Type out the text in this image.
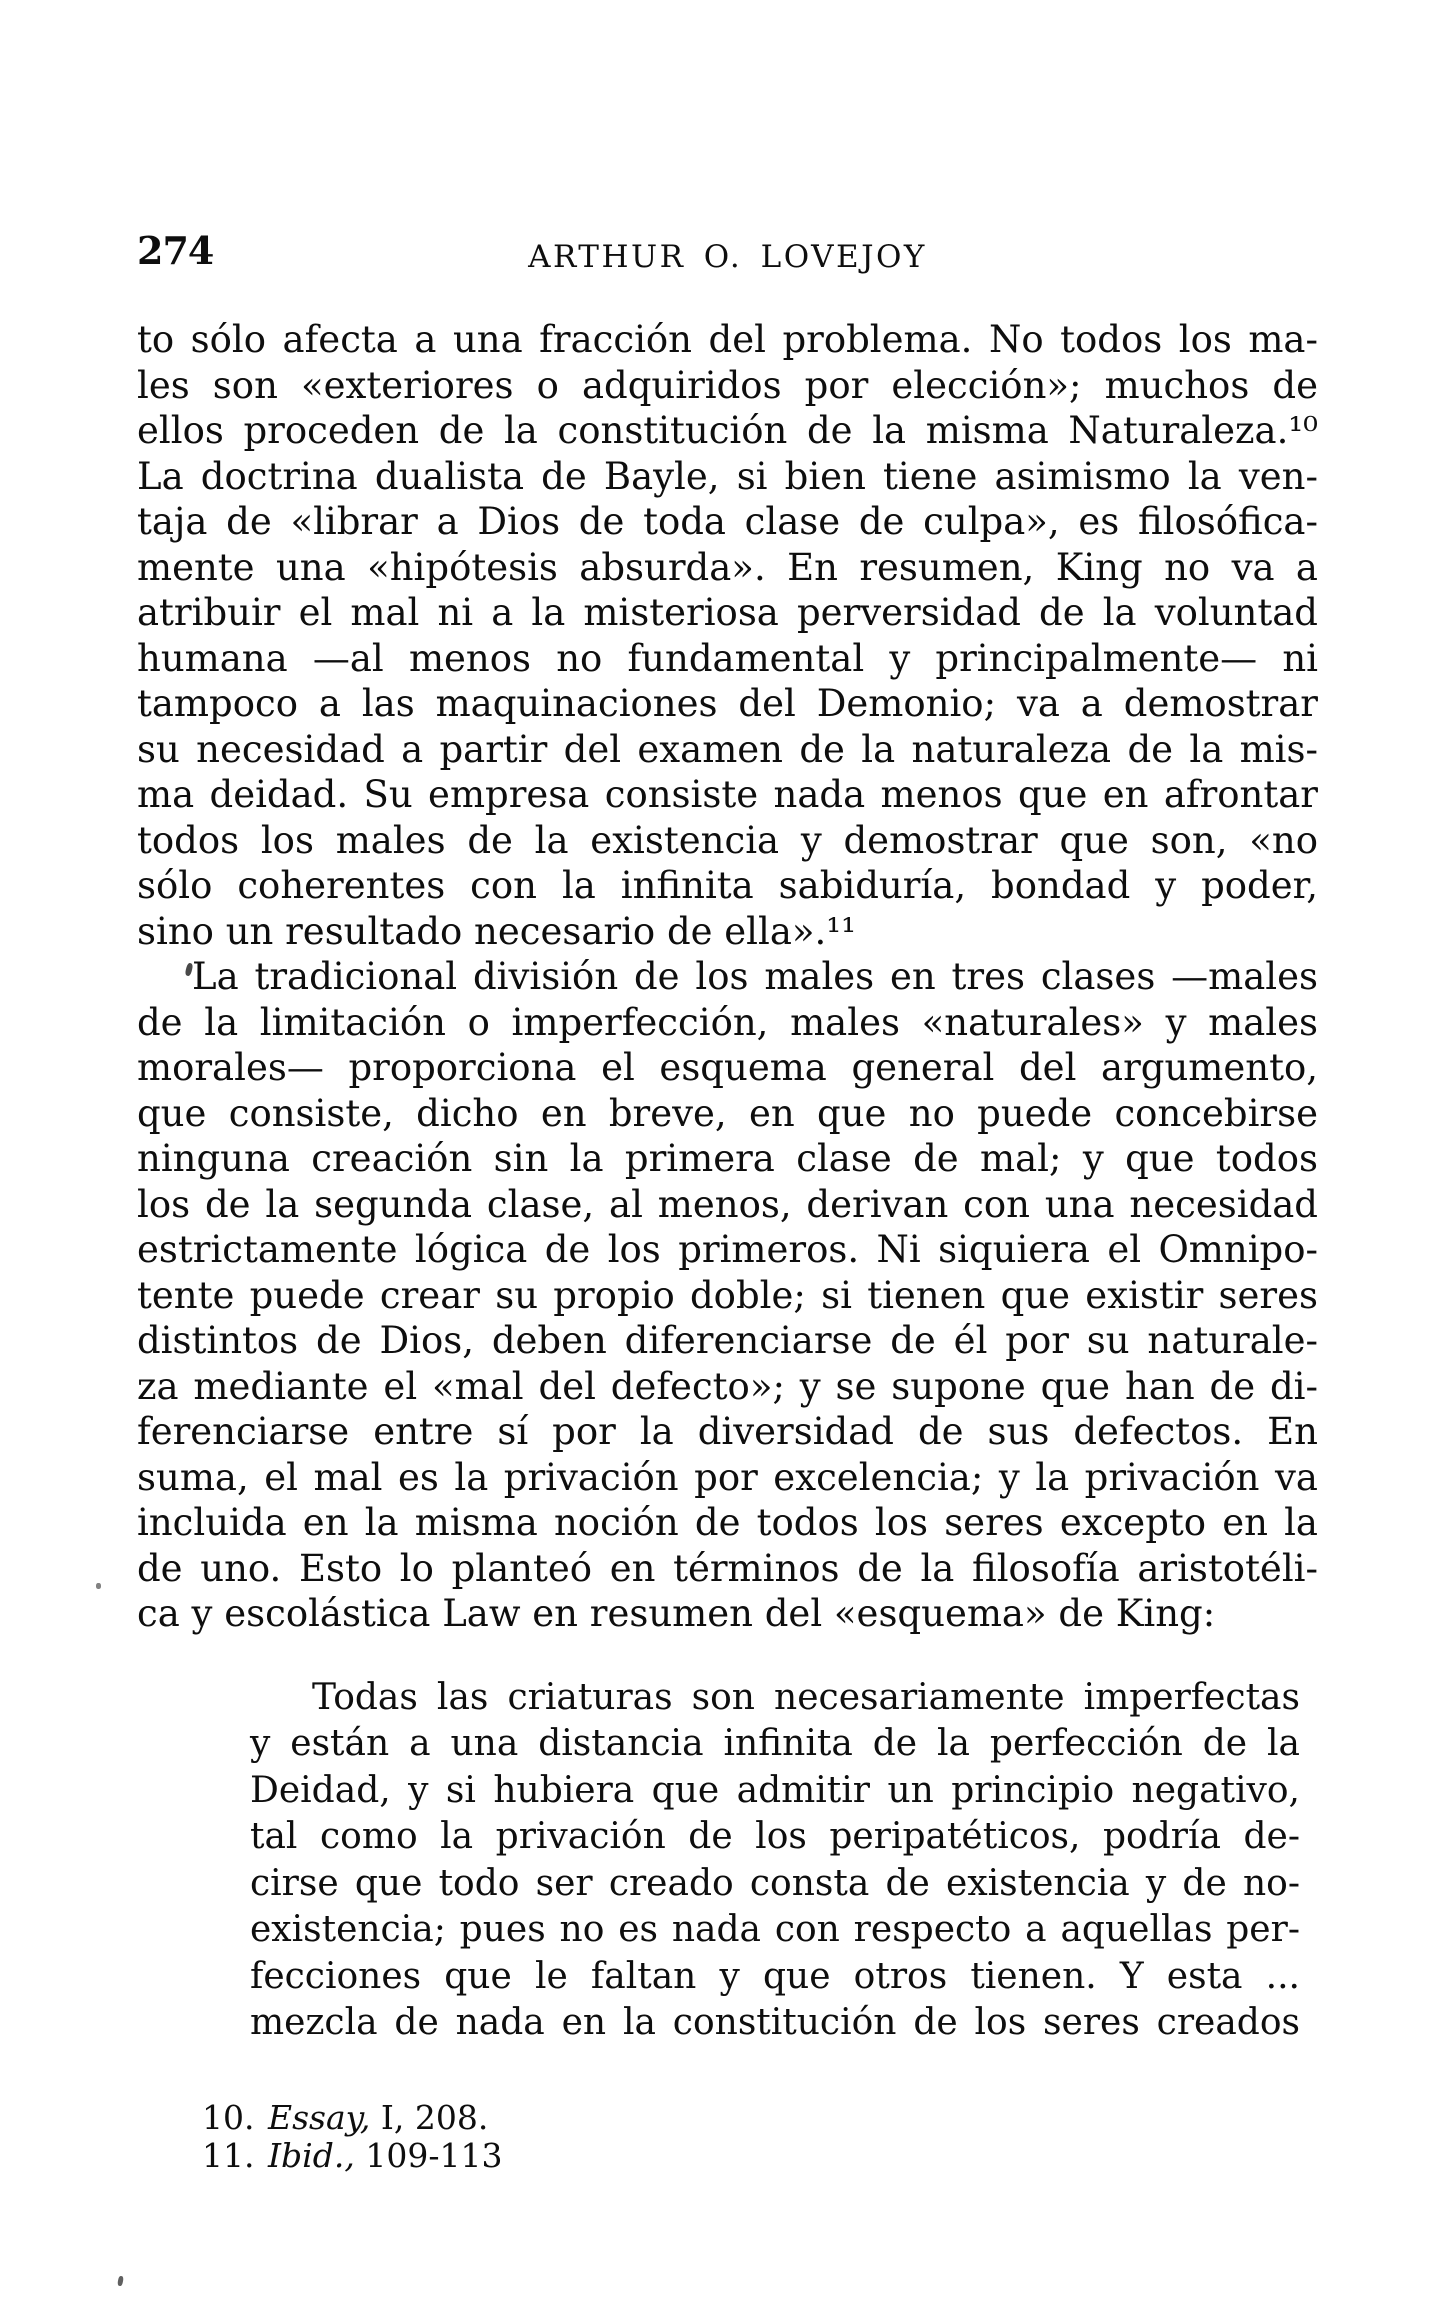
274	ARTHUR O. LOVEJOY
to sólo afecta a una fracción del problema. No todos los ma-
les son «exteriores o adquiridos por elección»; muchos de
ellos proceden de la constitución de la misma Naturaleza.¹⁰
La doctrina dualista de Bayle, si bien tiene asimismo la ven-
taja de «librar a Dios de toda clase de culpa», es filosófica-
mente una «hipótesis absurda». En resumen, King no va a
atribuir el mal ni a la misteriosa perversidad de la voluntad
humana —al menos no fundamental y principalmente— ni
tampoco a las maquinaciones del Demonio; va a demostrar
su necesidad a partir del examen de la naturaleza de la mis-
ma deidad. Su empresa consiste nada menos que en afrontar
todos los males de la existencia y demostrar que son, «no
sólo coherentes con la infinita sabiduría, bondad y poder,
sino un resultado necesario de ella».¹¹
La tradicional división de los males en tres clases —males
de la limitación o imperfección, males «naturales» y males
morales— proporciona el esquema general del argumento,
que consiste, dicho en breve, en que no puede concebirse
ninguna creación sin la primera clase de mal; y que todos
los de la segunda clase, al menos, derivan con una necesidad
estrictamente lógica de los primeros. Ni siquiera el Omnipo-
tente puede crear su propio doble; si tienen que existir seres
distintos de Dios, deben diferenciarse de él por su naturale-
za mediante el «mal del defecto»; y se supone que han de di-
ferenciarse entre sí por la diversidad de sus defectos. En
suma, el mal es la privación por excelencia; y la privación va
incluida en la misma noción de todos los seres excepto en la
de uno. Esto lo planteó en términos de la filosofía aristotéli-
ca y escolástica Law en resumen del «esquema» de King:
Todas las criaturas son necesariamente imperfectas
y están a una distancia infinita de la perfección de la
Deidad, y si hubiera que admitir un principio negativo,
tal como la privación de los peripatéticos, podría de-
cirse que todo ser creado consta de existencia y de no-
existencia; pues no es nada con respecto a aquellas per-
fecciones que le faltan y que otros tienen. Y esta ...
mezcla de nada en la constitución de los seres creados
10. Essay, I, 208.
11. Ibid., 109-113
